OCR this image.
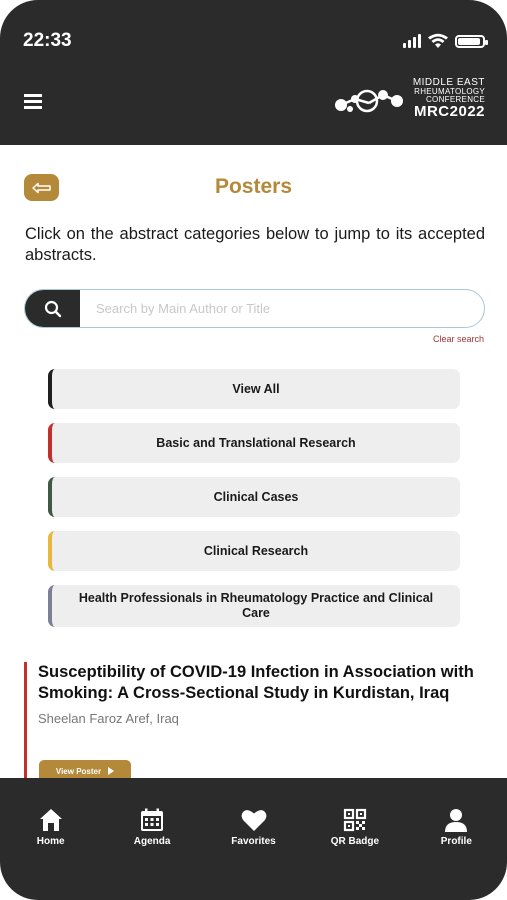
22:33
MIDDLE EAST
RHEUMATOLOGY
CONFERENCE
MRC2022
Posters
Click on the abstract categories below to jump to its accepted abstracts.
Search by Main Author or Title
Clear search
View All
Basic and Translational Research
Clinical Cases
Clinical Research
Health Professionals in Rheumatology Practice and Clinical Care
Susceptibility of COVID-19 Infection in Association with Smoking: A Cross-Sectional Study in Kurdistan, Iraq
Sheelan Faroz Aref, Iraq
View Poster
Home	Agenda	Favorites	QR Badge	Profile
